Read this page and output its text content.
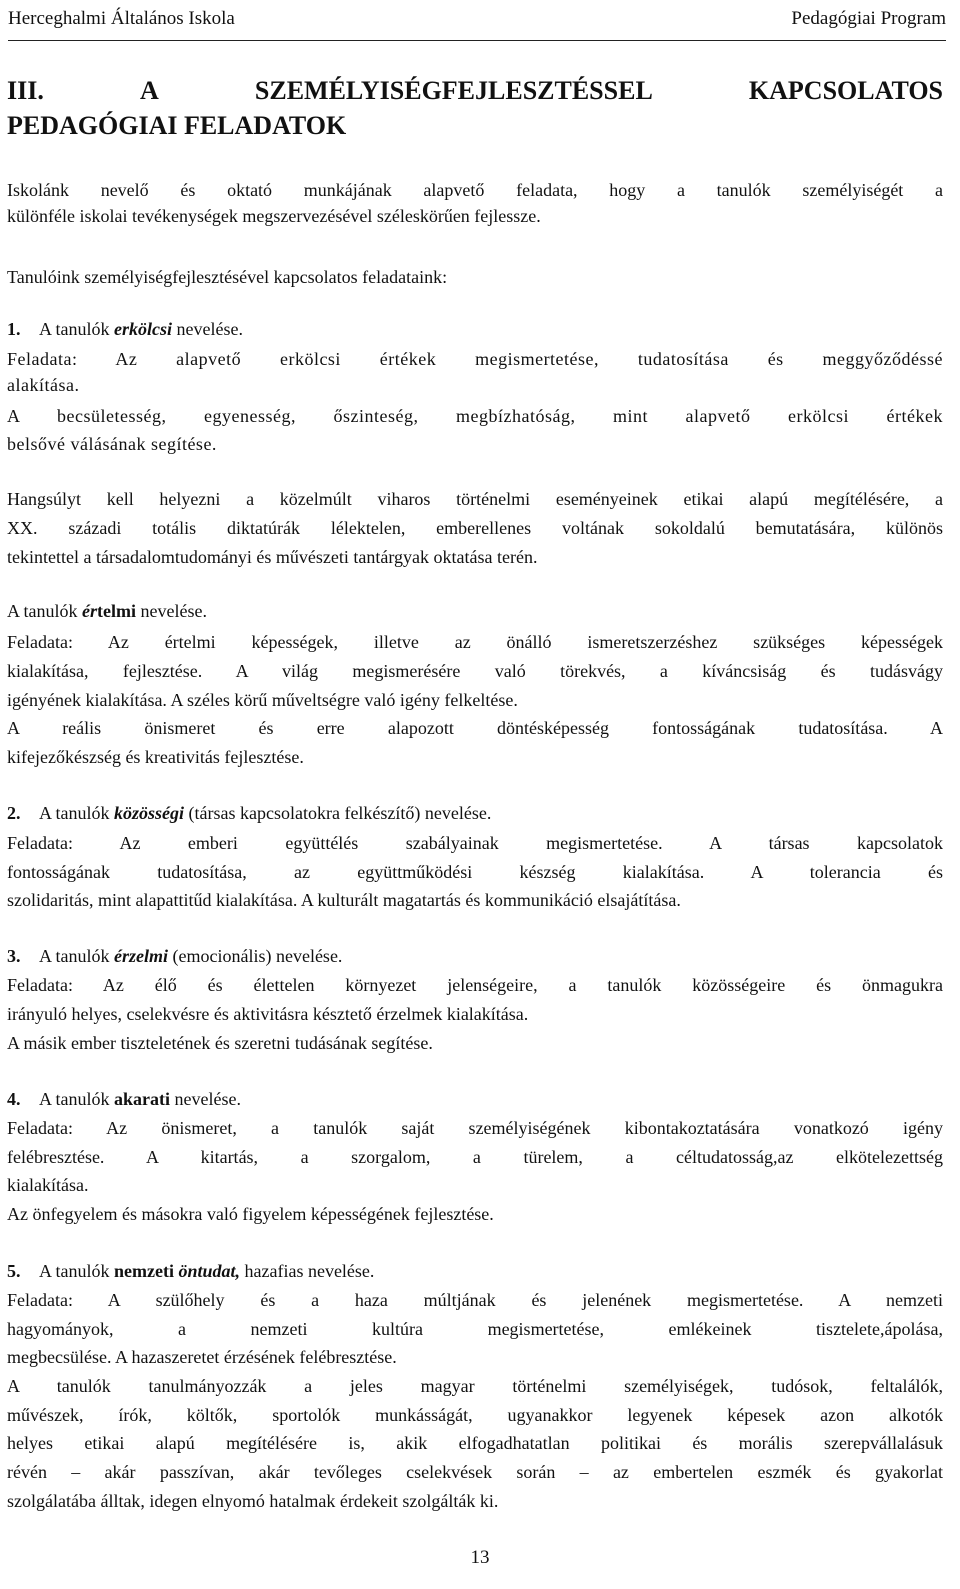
Herceghalmi Általános Iskola	Pedagógiai Program
III.	A	SZEMÉLYISÉGFEJLESZTÉSSEL	KAPCSOLATOS
PEDAGÓGIAI FELADATOK
Iskolánk nevelő és oktató munkájának alapvető feladata, hogy a tanulók személyiségét a
különféle iskolai tevékenységek megszervezésével széleskörűen fejlessze.
Tanulóink személyiségfejlesztésével kapcsolatos feladataink:
1. A tanulók erkölcsi nevelése.
Feladata: Az alapvető erkölcsi értékek megismertetése, tudatosítása és meggyőződéssé
alakítása.
A becsületesség, egyenesség, őszinteség, megbízhatóság, mint alapvető erkölcsi értékek
belsővé válásának segítése.
Hangsúlyt kell helyezni a közelmúlt viharos történelmi eseményeinek etikai alapú megítélésére, a
XX. századi totális diktatúrák lélektelen, emberellenes voltának sokoldalú bemutatására, különös
tekintettel a társadalomtudományi és művészeti tantárgyak oktatása terén.
A tanulók értelmi nevelése.
Feladata: Az értelmi képességek, illetve az önálló ismeretszerzéshez szükséges képességek
kialakítása, fejlesztése. A világ megismerésére való törekvés, a kíváncsiság és tudásvágy
igényének kialakítása. A széles körű műveltségre való igény felkeltése.
A reális önismeret és erre alapozott döntésképesség fontosságának tudatosítása. A
kifejezőkészség és kreativitás fejlesztése.
2. A tanulók közösségi (társas kapcsolatokra felkészítő) nevelése.
Feladata: Az emberi együttélés szabályainak megismertetése. A társas kapcsolatok
fontosságának tudatosítása, az együttműködési készség kialakítása. A tolerancia és
szolidaritás, mint alapattitűd kialakítása. A kulturált magatartás és kommunikáció elsajátítása.
3. A tanulók érzelmi (emocionális) nevelése.
Feladata: Az élő és élettelen környezet jelenségeire, a tanulók közösségeire és önmagukra
irányuló helyes, cselekvésre és aktivitásra késztető érzelmek kialakítása.
A másik ember tiszteletének és szeretni tudásának segítése.
4. A tanulók akarati nevelése.
Feladata: Az önismeret, a tanulók saját személyiségének kibontakoztatására vonatkozó igény
felébresztése. A kitartás, a szorgalom, a türelem, a céltudatosság,az elkötelezettség
kialakítása.
Az önfegyelem és másokra való figyelem képességének fejlesztése.
5. A tanulók nemzeti öntudat, hazafias nevelése.
Feladata: A szülőhely és a haza múltjának és jelenének megismertetése. A nemzeti
hagyományok, a nemzeti kultúra megismertetése, emlékeinek tisztelete,ápolása,
megbecsülése. A hazaszeretet érzésének felébresztése.
A tanulók tanulmányozzák a jeles magyar történelmi személyiségek, tudósok, feltalálók,
művészek, írók, költők, sportolók munkásságát, ugyanakkor legyenek képesek azon alkotók
helyes etikai alapú megítélésére is, akik elfogadhatatlan politikai és morális szerepvállalásuk
révén – akár passzívan, akár tevőleges cselekvések során – az embertelen eszmék és gyakorlat
szolgálatába álltak, idegen elnyomó hatalmak érdekeit szolgálták ki.
13
